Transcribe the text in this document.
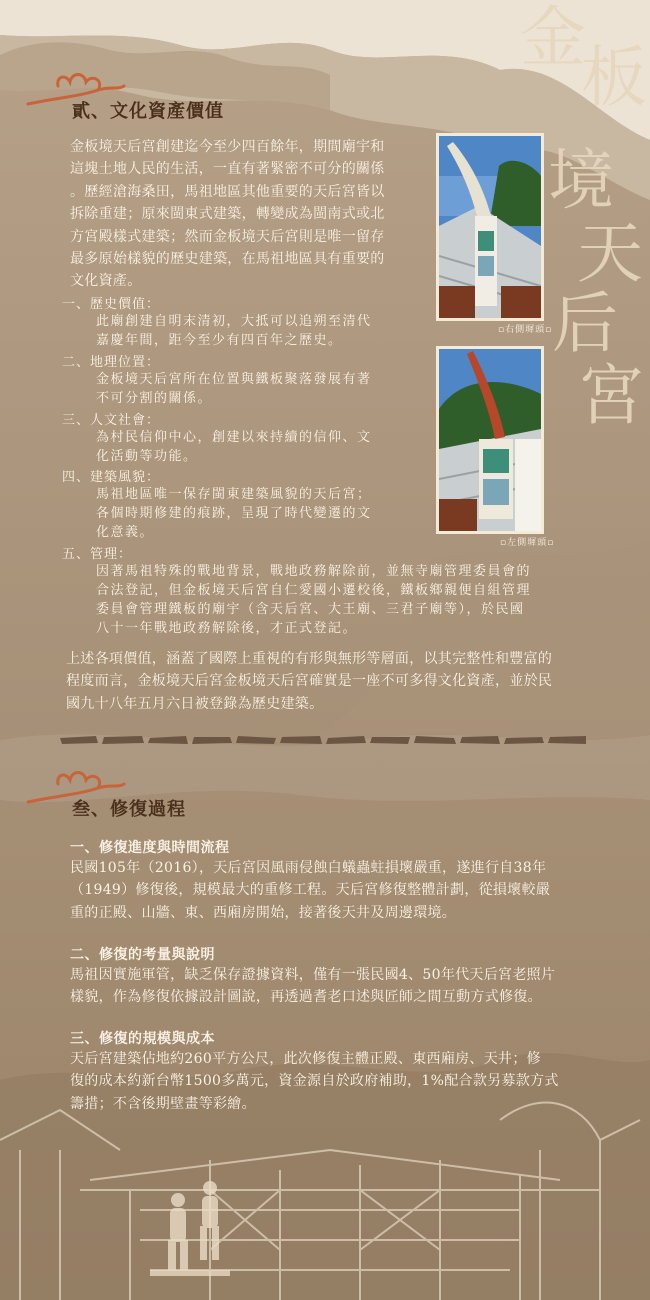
金
板
境
天
后
宮
貳、文化資產價值
金板境天后宮創建迄今至少四百餘年，期間廟宇和
這塊土地人民的生活，一直有著緊密不可分的關係
。歷經滄海桑田，馬祖地區其他重要的天后宮皆以
拆除重建；原來閩東式建築，轉變成為閩南式或北
方宮殿樣式建築；然而金板境天后宮則是唯一留存
最多原始樣貌的歷史建築，在馬祖地區具有重要的
文化資產。
一、歷史價值：
此廟創建自明末清初，大抵可以追朔至清代
嘉慶年間，距今至少有四百年之歷史。
二、地理位置：
金板境天后宮所在位置與鐵板聚落發展有著
不可分割的關係。
三、人文社會：
為村民信仰中心，創建以來持續的信仰、文
化活動等功能。
四、建築風貌：
馬祖地區唯一保存閩東建築風貌的天后宮；
各個時期修建的痕跡，呈現了時代變遷的文
化意義。
五、管理：
因著馬祖特殊的戰地背景，戰地政務解除前，並無寺廟管理委員會的
合法登記，但金板境天后宮自仁愛國小遷校後，鐵板鄉親便自組管理
委員會管理鐵板的廟宇（含天后宮、大王廟、三君子廟等），於民國
八十一年戰地政務解除後，才正式登記。
▫右側墀頭▫
▫左側墀頭▫
上述各項價值，涵蓋了國際上重視的有形與無形等層面，以其完整性和豐富的
程度而言，金板境天后宮金板境天后宮確實是一座不可多得文化資產，並於民
國九十八年五月六日被登錄為歷史建築。
叁、修復過程
一、修復進度與時間流程
民國105年（2016），天后宮因風雨侵蝕白蟻蟲蛀損壞嚴重，遂進行自38年
（1949）修復後，規模最大的重修工程。天后宮修復整體計劃，從損壞較嚴
重的正殿、山牆、東、西廂房開始，接著後天井及周邊環境。
二、修復的考量與說明
馬祖因實施軍管，缺乏保存證據資料，僅有一張民國4、50年代天后宮老照片
樣貌，作為修復依據設計圖說，再透過耆老口述與匠師之間互動方式修復。
三、修復的規模與成本
天后宮建築佔地約260平方公尺，此次修復主體正殿、東西廂房、天井；修
復的成本約新台幣1500多萬元，資金源自於政府補助，1%配合款另募款方式
籌措；不含後期壁畫等彩繪。
